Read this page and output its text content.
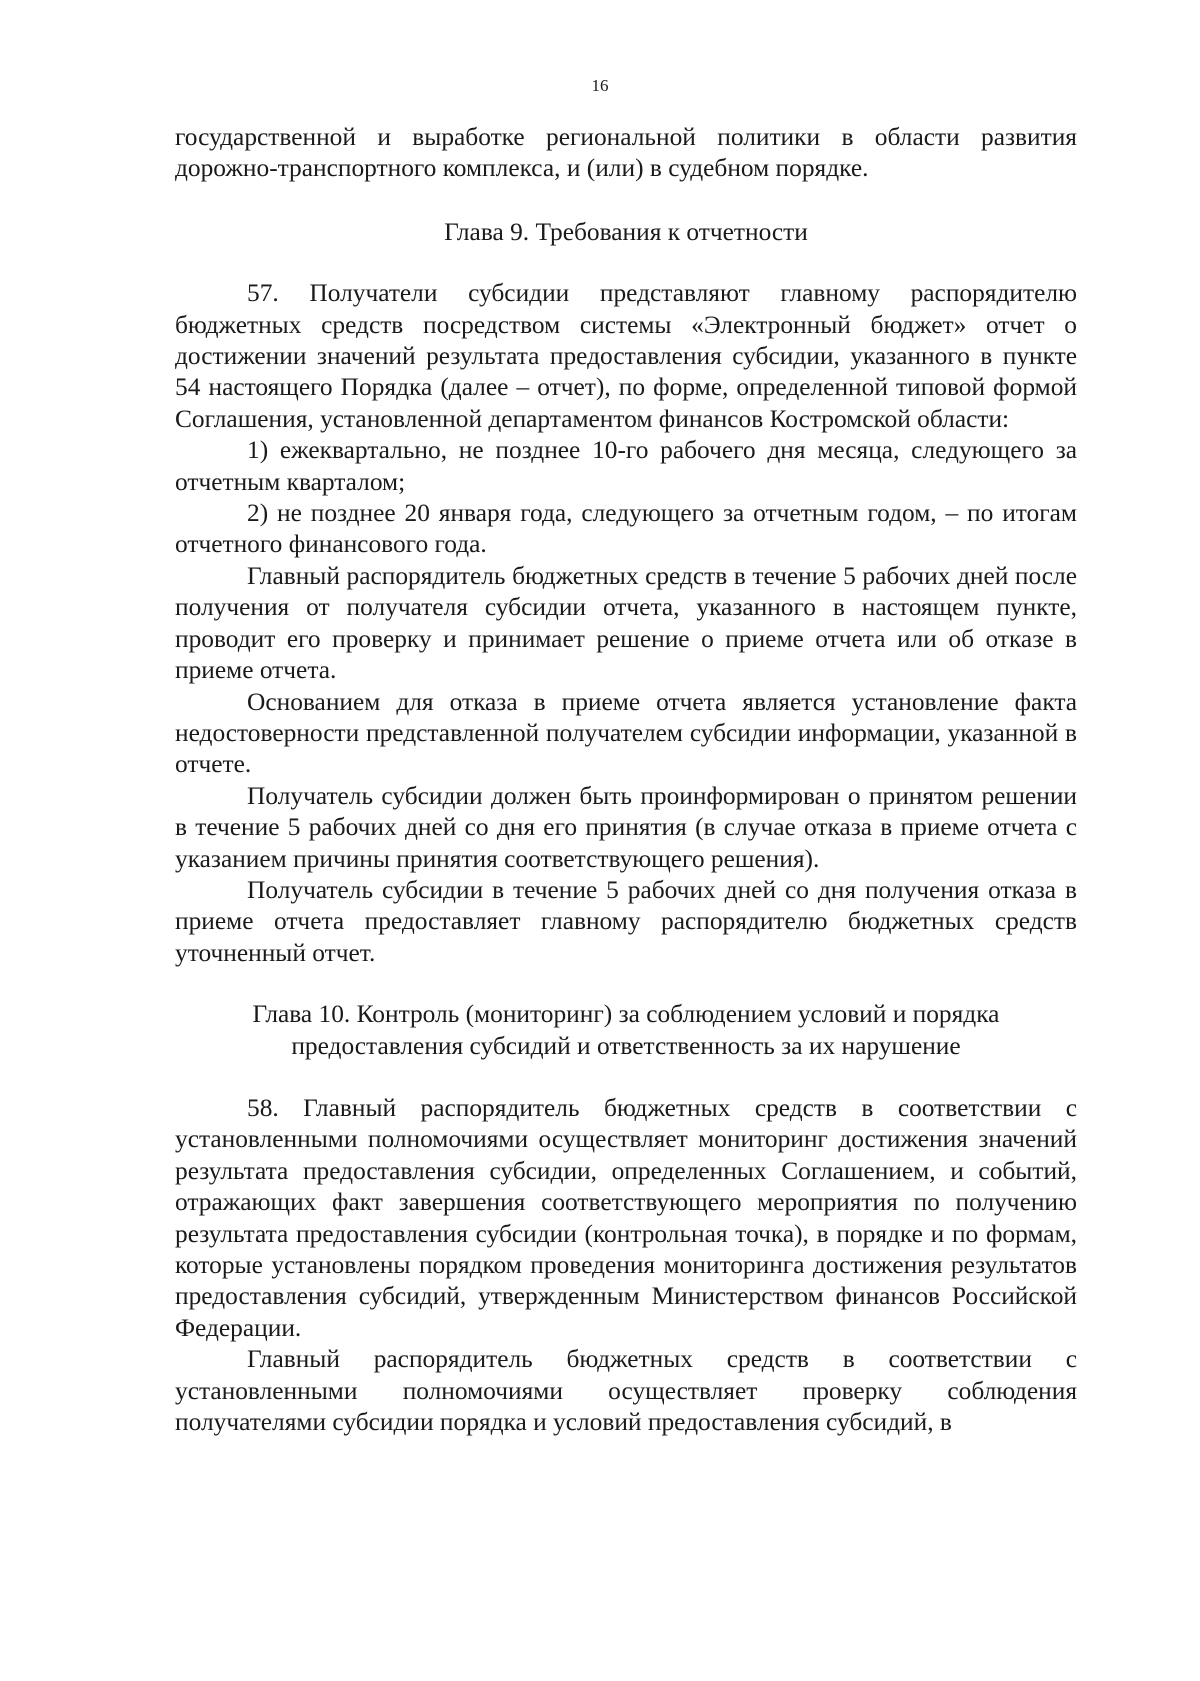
16

государственной и выработке региональной политики в области развития дорожно-транспортного комплекса, и (или) в судебном порядке.

Глава 9. Требования к отчетности

57. Получатели субсидии представляют главному распорядителю бюджетных средств посредством системы «Электронный бюджет» отчет о достижении значений результата предоставления субсидии, указанного в пункте 54 настоящего Порядка (далее – отчет), по форме, определенной типовой формой Соглашения, установленной департаментом финансов Костромской области:

1) ежеквартально, не позднее 10-го рабочего дня месяца, следующего за отчетным кварталом;

2) не позднее 20 января года, следующего за отчетным годом, – по итогам отчетного финансового года.

Главный распорядитель бюджетных средств в течение 5 рабочих дней после получения от получателя субсидии отчета, указанного в настоящем пункте, проводит его проверку и принимает решение о приеме отчета или об отказе в приеме отчета.

Основанием для отказа в приеме отчета является установление факта недостоверности представленной получателем субсидии информации, указанной в отчете.

Получатель субсидии должен быть проинформирован о принятом решении в течение 5 рабочих дней со дня его принятия (в случае отказа в приеме отчета с указанием причины принятия соответствующего решения).

Получатель субсидии в течение 5 рабочих дней со дня получения отказа в приеме отчета предоставляет главному распорядителю бюджетных средств уточненный отчет.

Глава 10. Контроль (мониторинг) за соблюдением условий и порядка
предоставления субсидий и ответственность за их нарушение

58. Главный распорядитель бюджетных средств в соответствии с установленными полномочиями осуществляет мониторинг достижения значений результата предоставления субсидии, определенных Соглашением, и событий, отражающих факт завершения соответствующего мероприятия по получению результата предоставления субсидии (контрольная точка), в порядке и по формам, которые установлены порядком проведения мониторинга достижения результатов предоставления субсидий, утвержденным Министерством финансов Российской Федерации.

Главный распорядитель бюджетных средств в соответствии с установленными полномочиями осуществляет проверку соблюдения получателями субсидии порядка и условий предоставления субсидий, в
